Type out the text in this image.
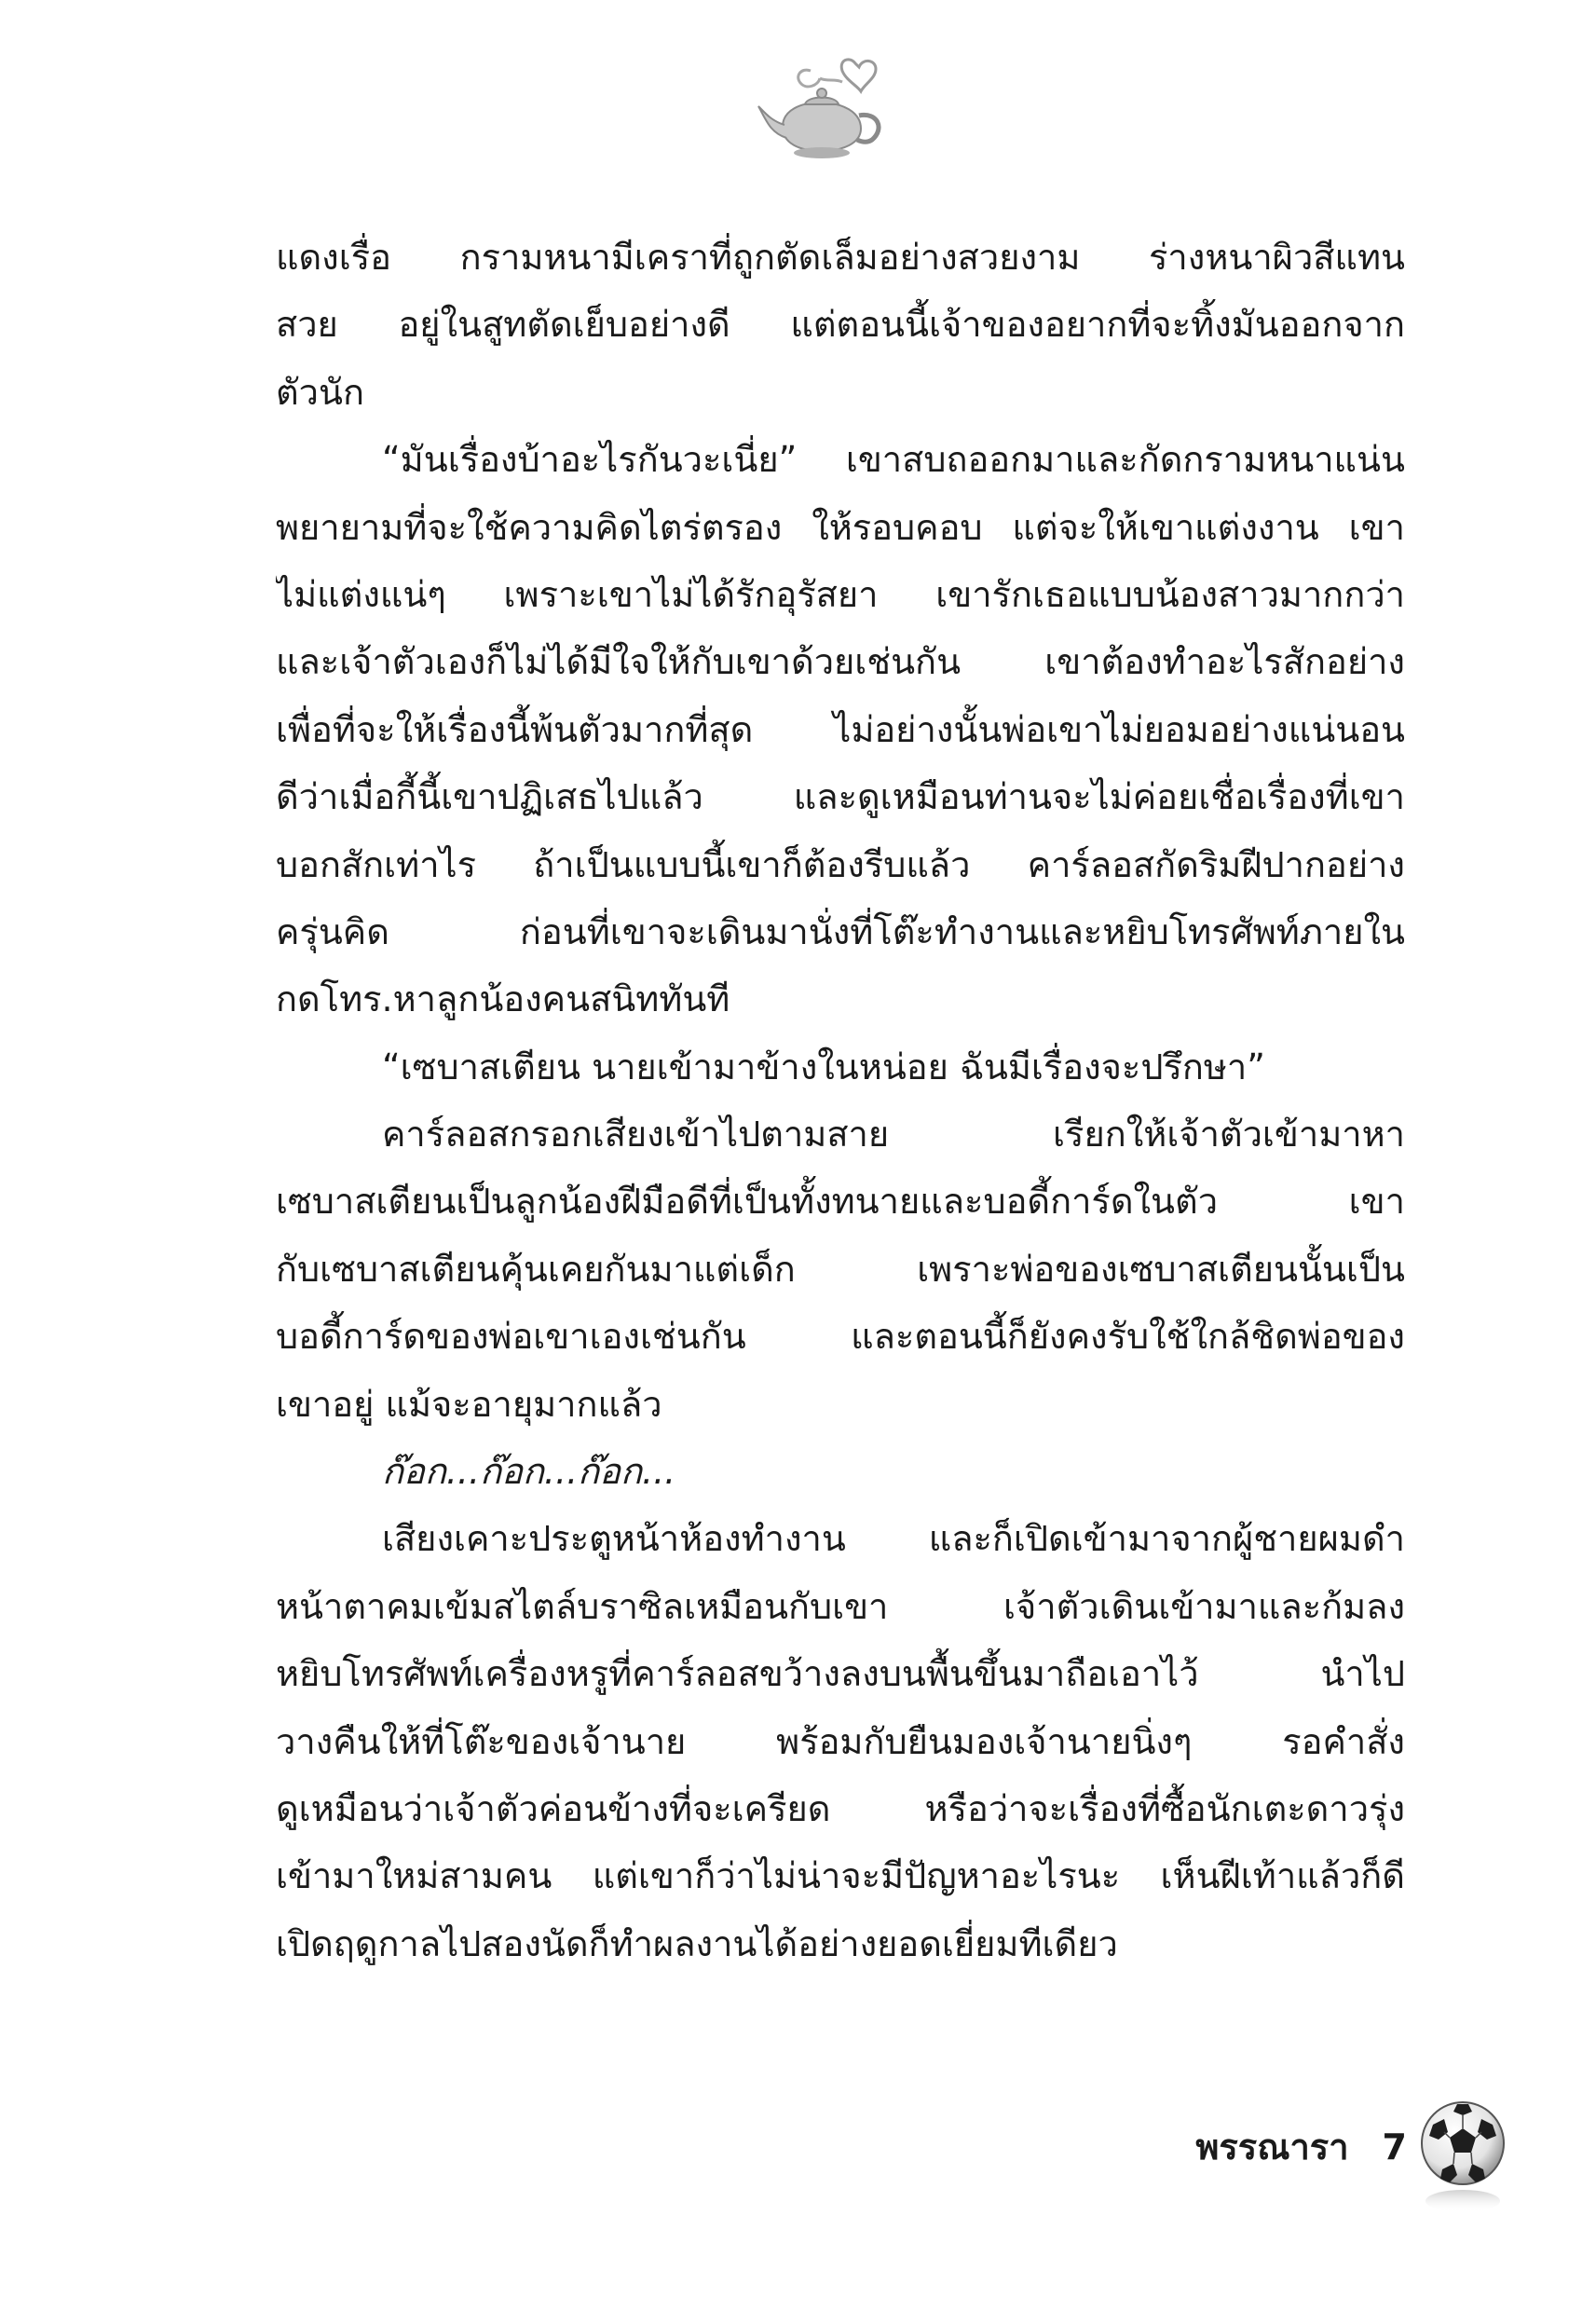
แดงเรื่อ กรามหนามีเคราที่ถูกตัดเล็มอย่างสวยงาม ร่างหนาผิวสีแทน
สวย อยู่ในสูทตัดเย็บอย่างดี แต่ตอนนี้เจ้าของอยากที่จะทิ้งมันออกจาก
ตัวนัก
“มันเรื่องบ้าอะไรกันวะเนี่ย” เขาสบถออกมาและกัดกรามหนาแน่น
พยายามที่จะใช้ความคิดไตร่ตรอง ให้รอบคอบ แต่จะให้เขาแต่งงาน เขา
ไม่แต่งแน่ๆ เพราะเขาไม่ได้รักอุรัสยา เขารักเธอแบบน้องสาวมากกว่า
และเจ้าตัวเองก็ไม่ได้มีใจให้กับเขาด้วยเช่นกัน เขาต้องทำอะไรสักอย่าง
เพื่อที่จะให้เรื่องนี้พ้นตัวมากที่สุด ไม่อย่างนั้นพ่อเขาไม่ยอมอย่างแน่นอน
ดีว่าเมื่อกี้นี้เขาปฏิเสธไปแล้ว และดูเหมือนท่านจะไม่ค่อยเชื่อเรื่องที่เขา
บอกสักเท่าไร ถ้าเป็นแบบนี้เขาก็ต้องรีบแล้ว คาร์ลอสกัดริมฝีปากอย่าง
ครุ่นคิด ก่อนที่เขาจะเดินมานั่งที่โต๊ะทำงานและหยิบโทรศัพท์ภายใน
กดโทร.หาลูกน้องคนสนิททันที
“เซบาสเตียน นายเข้ามาข้างในหน่อย ฉันมีเรื่องจะปรึกษา”
คาร์ลอสกรอกเสียงเข้าไปตามสาย เรียกให้เจ้าตัวเข้ามาหา
เซบาสเตียนเป็นลูกน้องฝีมือดีที่เป็นทั้งทนายและบอดี้การ์ดในตัว เขา
กับเซบาสเตียนคุ้นเคยกันมาแต่เด็ก เพราะพ่อของเซบาสเตียนนั้นเป็น
บอดี้การ์ดของพ่อเขาเองเช่นกัน และตอนนี้ก็ยังคงรับใช้ใกล้ชิดพ่อของ
เขาอยู่ แม้จะอายุมากแล้ว
ก๊อก...ก๊อก...ก๊อก...
เสียงเคาะประตูหน้าห้องทำงาน และก็เปิดเข้ามาจากผู้ชายผมดำ
หน้าตาคมเข้มสไตล์บราซิลเหมือนกับเขา เจ้าตัวเดินเข้ามาและก้มลง
หยิบโทรศัพท์เครื่องหรูที่คาร์ลอสขว้างลงบนพื้นขึ้นมาถือเอาไว้ นำไป
วางคืนให้ที่โต๊ะของเจ้านาย พร้อมกับยืนมองเจ้านายนิ่งๆ รอคำสั่ง
ดูเหมือนว่าเจ้าตัวค่อนข้างที่จะเครียด หรือว่าจะเรื่องที่ซื้อนักเตะดาวรุ่ง
เข้ามาใหม่สามคน แต่เขาก็ว่าไม่น่าจะมีปัญหาอะไรนะ เห็นฝีเท้าแล้วก็ดี
เปิดฤดูกาลไปสองนัดก็ทำผลงานได้อย่างยอดเยี่ยมทีเดียว
พรรณารา 7
